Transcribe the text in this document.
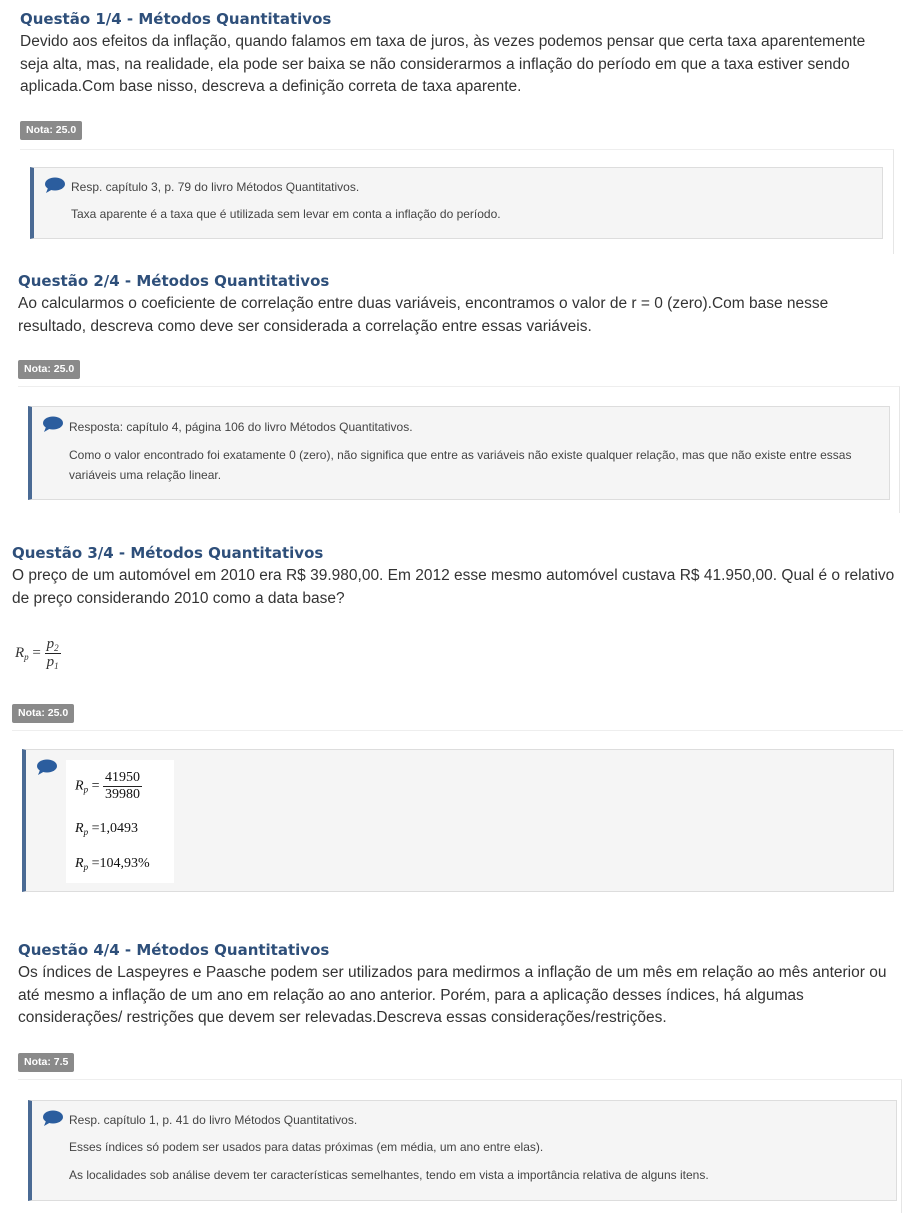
Questão 1/4 - Métodos Quantitativos

Devido aos efeitos da inflação, quando falamos em taxa de juros, às vezes podemos pensar que certa taxa aparentemente seja alta, mas, na realidade, ela pode ser baixa se não considerarmos a inflação do período em que a taxa estiver sendo aplicada.Com base nisso, descreva a definição correta de taxa aparente.

Nota: 25.0
Resp. capítulo 3, p. 79 do livro Métodos Quantitativos.
Taxa aparente é a taxa que é utilizada sem levar em conta a inflação do período.
Questão 2/4 - Métodos Quantitativos

Ao calcularmos o coeficiente de correlação entre duas variáveis, encontramos o valor de r = 0 (zero).Com base nesse resultado, descreva como deve ser considerada a correlação entre essas variáveis.

Nota: 25.0
Resposta: capítulo 4, página 106 do livro Métodos Quantitativos.
Como o valor encontrado foi exatamente 0 (zero), não significa que entre as variáveis não existe qualquer relação, mas que não existe entre essas variáveis uma relação linear.
Questão 3/4 - Métodos Quantitativos

O preço de um automóvel em 2010 era R$ 39.980,00. Em 2012 esse mesmo automóvel custava R$ 41.950,00. Qual é o relativo de preço considerando 2010 como a data base?

$R_p = \frac{p_2}{p_1}$
Nota: 25.0
$R_p = \frac{41950}{39980}$
$R_p =1,0493$
$R_p =104,93\%$
Questão 4/4 - Métodos Quantitativos

Os índices de Laspeyres e Paasche podem ser utilizados para medirmos a inflação de um mês em relação ao mês anterior ou até mesmo a inflação de um ano em relação ao ano anterior. Porém, para a aplicação desses índices, há algumas considerações/ restrições que devem ser relevadas.Descreva essas considerações/restrições.

Nota: 7.5
Resp. capítulo 1, p. 41 do livro Métodos Quantitativos.
Esses índices só podem ser usados para datas próximas (em média, um ano entre elas).
As localidades sob análise devem ter características semelhantes, tendo em vista a importância relativa de alguns itens.
